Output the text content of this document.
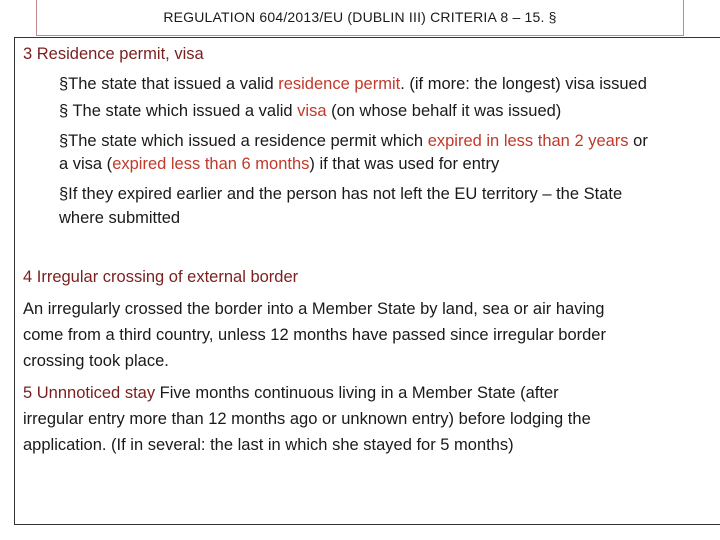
REGULATION 604/2013/EU (DUBLIN III) CRITERIA 8 – 15. §
3 Residence permit, visa
§The state that issued a valid residence permit. (if more: the longest) visa issued
§ The state which issued a valid visa (on whose behalf it was issued)
§The state which issued a residence permit which expired in less than 2 years or
a visa (expired less than 6 months) if that was used for entry
§If they expired earlier and the person has not left the EU territory – the State
where submitted
4 Irregular crossing of external border
An irregularly crossed the border into a Member State by land, sea or air having
come from a third country, unless 12 months have passed since irregular border
crossing took place.
5 Unnnoticed stay Five months continuous living in a Member State (after
irregular entry more than 12 months ago or unknown entry) before lodging the
application. (If in several: the last in which she stayed for 5 months)
